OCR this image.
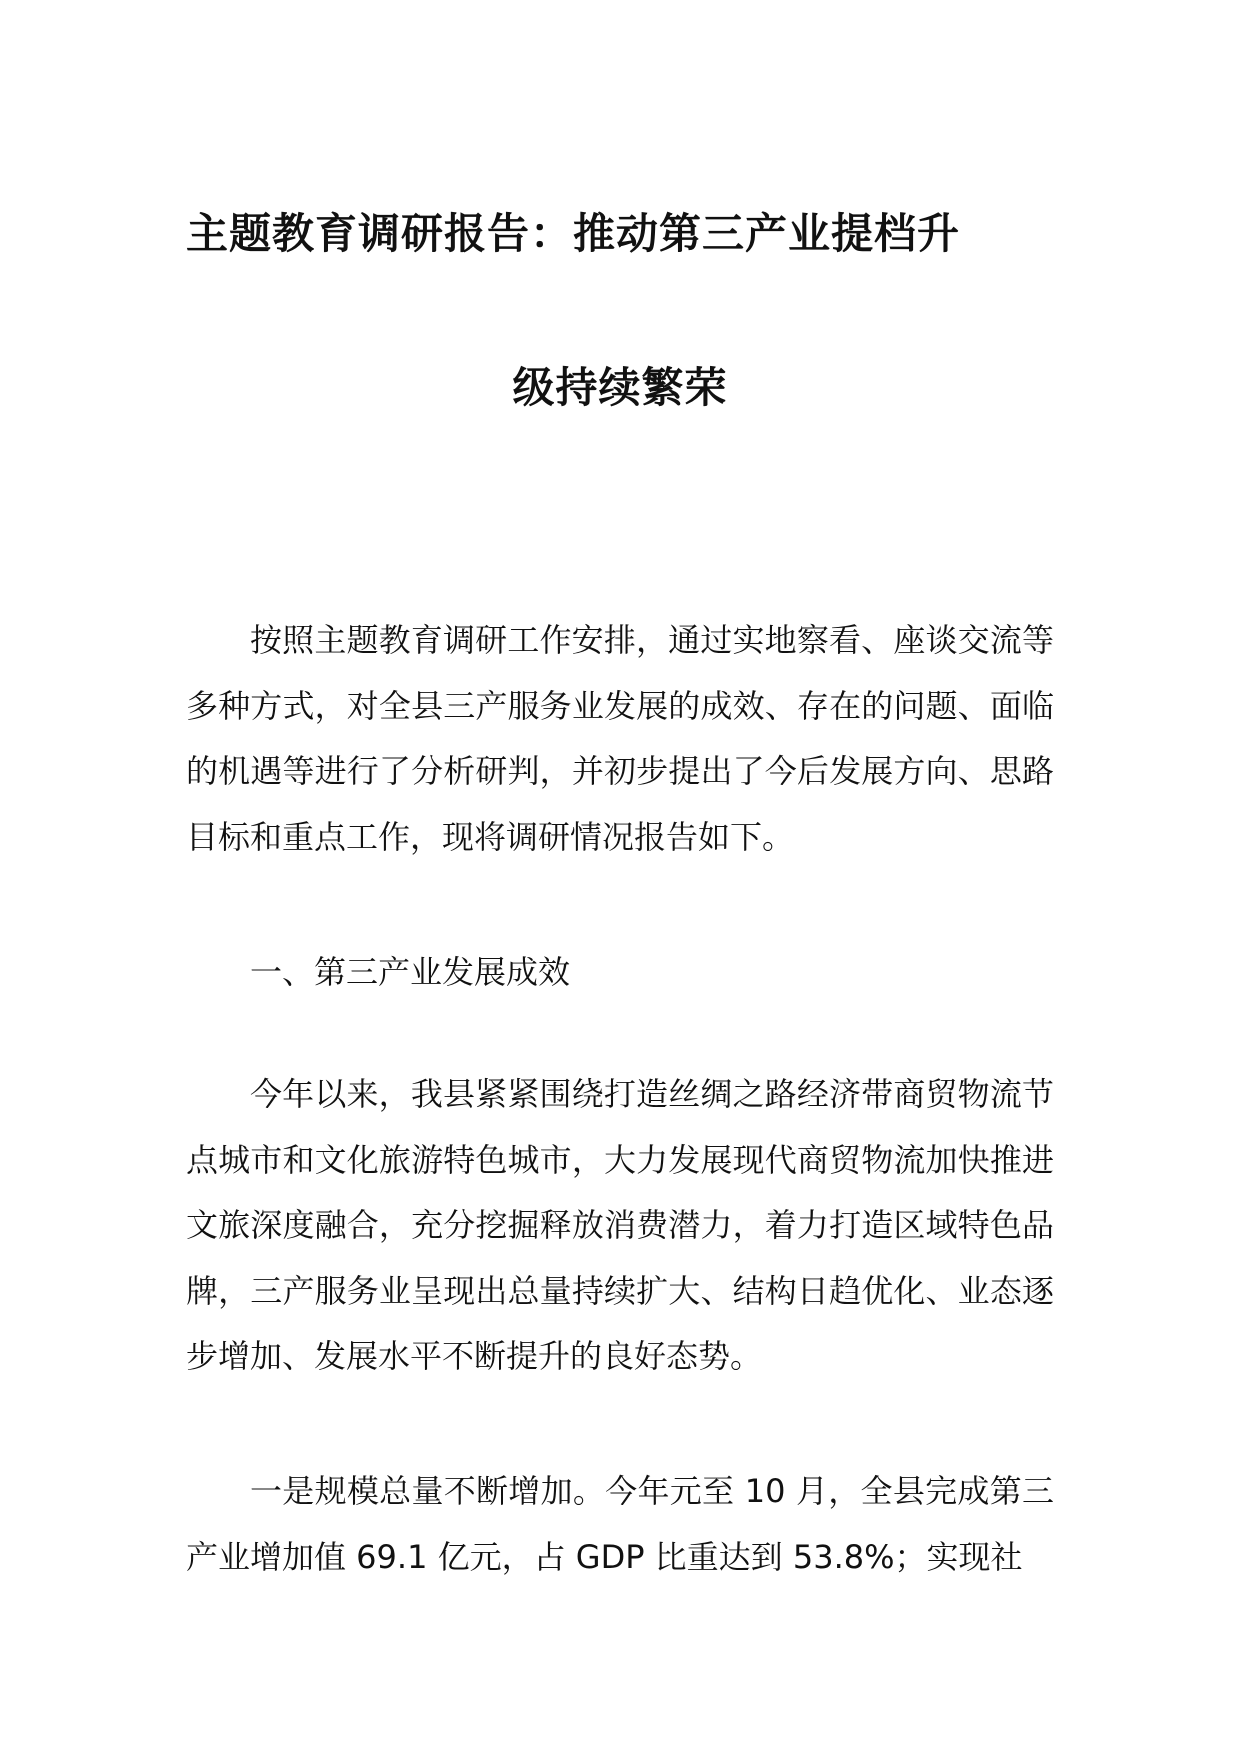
主题教育调研报告：推动第三产业提档升
级持续繁荣

按照主题教育调研工作安排，通过实地察看、座谈交流等多种方式，对全县三产服务业发展的成效、存在的问题、面临的机遇等进行了分析研判，并初步提出了今后发展方向、思路目标和重点工作，现将调研情况报告如下。

一、第三产业发展成效

今年以来，我县紧紧围绕打造丝绸之路经济带商贸物流节点城市和文化旅游特色城市，大力发展现代商贸物流加快推进文旅深度融合，充分挖掘释放消费潜力，着力打造区域特色品牌，三产服务业呈现出总量持续扩大、结构日趋优化、业态逐步增加、发展水平不断提升的良好态势。

一是规模总量不断增加。今年元至 10 月，全县完成第三产业增加值 69.1 亿元，占 GDP 比重达到 53.8%；实现社
